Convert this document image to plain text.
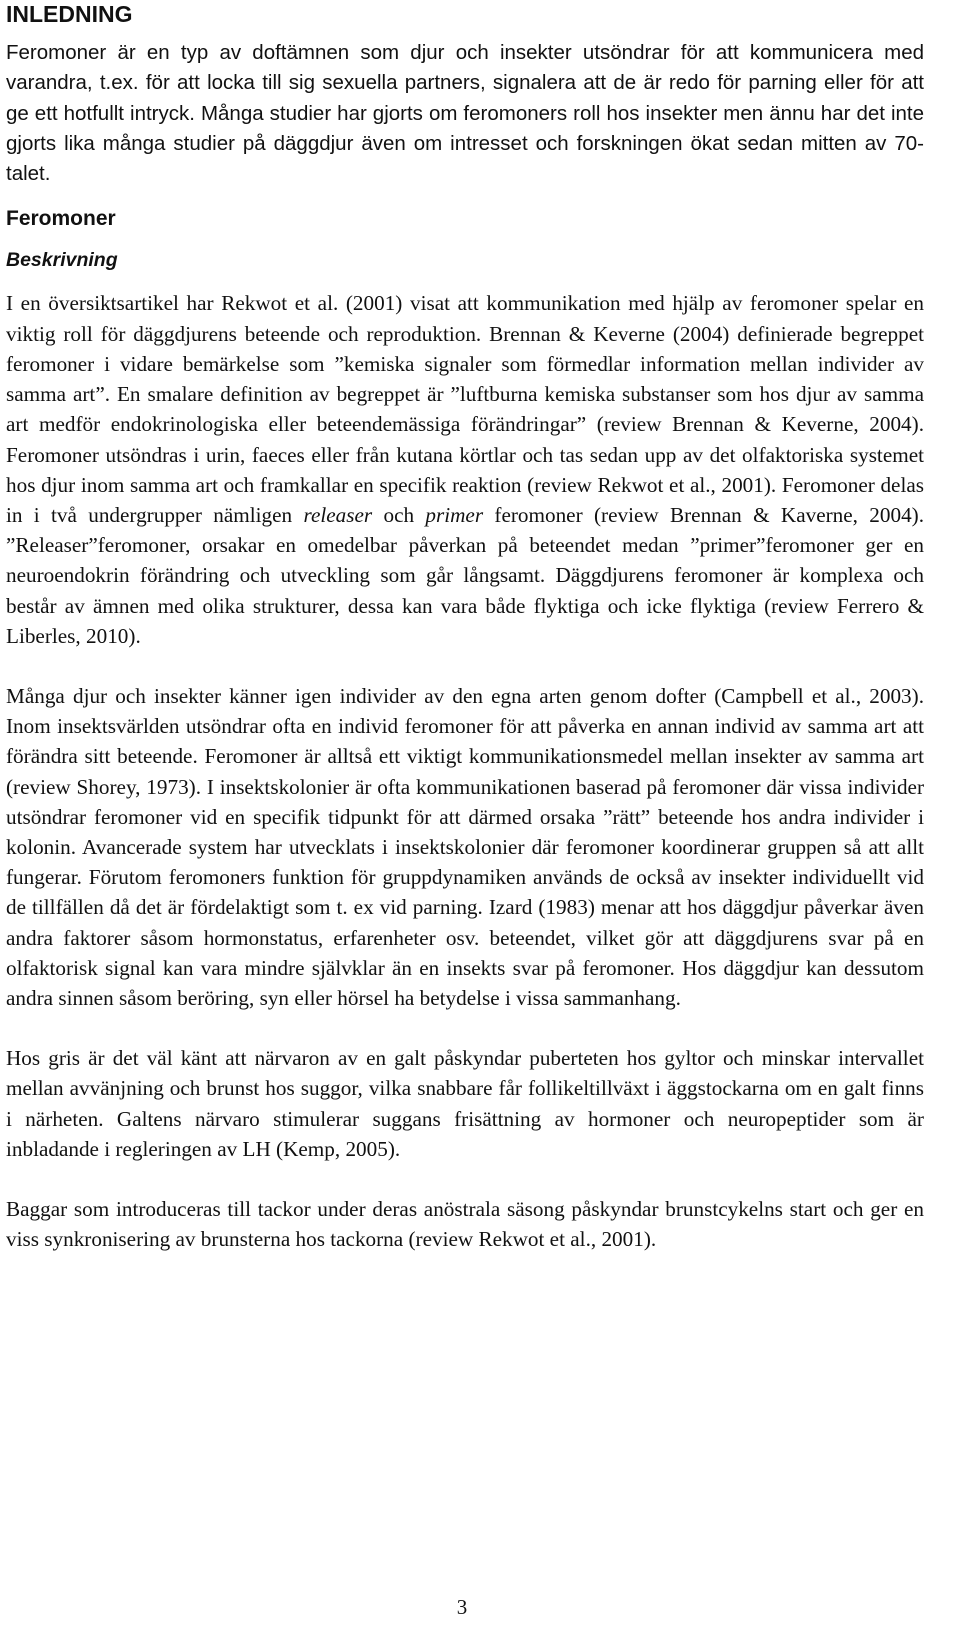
INLEDNING

Feromoner är en typ av doftämnen som djur och insekter utsöndrar för att kommunicera med varandra, t.ex. för att locka till sig sexuella partners, signalera att de är redo för parning eller för att ge ett hotfullt intryck. Många studier har gjorts om feromoners roll hos insekter men ännu har det inte gjorts lika många studier på däggdjur även om intresset och forskningen ökat sedan mitten av 70-talet.

Feromoner
Beskrivning

I en översiktsartikel har Rekwot et al. (2001) visat att kommunikation med hjälp av feromoner spelar en viktig roll för däggdjurens beteende och reproduktion. Brennan & Keverne (2004) definierade begreppet feromoner i vidare bemärkelse som ”kemiska signaler som förmedlar information mellan individer av samma art”. En smalare definition av begreppet är ”luftburna kemiska substanser som hos djur av samma art medför endokrinologiska eller beteendemässiga förändringar” (review Brennan & Keverne, 2004). Feromoner utsöndras i urin, faeces eller från kutana körtlar och tas sedan upp av det olfaktoriska systemet hos djur inom samma art och framkallar en specifik reaktion (review Rekwot et al., 2001). Feromoner delas in i två undergrupper nämligen releaser och primer feromoner (review Brennan & Kaverne, 2004). ”Releaser”feromoner, orsakar en omedelbar påverkan på beteendet medan ”primer”feromoner ger en neuroendokrin förändring och utveckling som går långsamt. Däggdjurens feromoner är komplexa och består av ämnen med olika strukturer, dessa kan vara både flyktiga och icke flyktiga (review Ferrero & Liberles, 2010).

Många djur och insekter känner igen individer av den egna arten genom dofter (Campbell et al., 2003). Inom insektsvärlden utsöndrar ofta en individ feromoner för att påverka en annan individ av samma art att förändra sitt beteende. Feromoner är alltså ett viktigt kommunikationsmedel mellan insekter av samma art (review Shorey, 1973). I insektskolonier är ofta kommunikationen baserad på feromoner där vissa individer utsöndrar feromoner vid en specifik tidpunkt för att därmed orsaka ”rätt” beteende hos andra individer i kolonin. Avancerade system har utvecklats i insektskolonier där feromoner koordinerar gruppen så att allt fungerar. Förutom feromoners funktion för gruppdynamiken används de också av insekter individuellt vid de tillfällen då det är fördelaktigt som t. ex vid parning. Izard (1983) menar att hos däggdjur påverkar även andra faktorer såsom hormonstatus, erfarenheter osv. beteendet, vilket gör att däggdjurens svar på en olfaktorisk signal kan vara mindre självklar än en insekts svar på feromoner. Hos däggdjur kan dessutom andra sinnen såsom beröring, syn eller hörsel ha betydelse i vissa sammanhang.

Hos gris är det väl känt att närvaron av en galt påskyndar puberteten hos gyltor och minskar intervallet mellan avvänjning och brunst hos suggor, vilka snabbare får follikeltillväxt i äggstockarna om en galt finns i närheten. Galtens närvaro stimulerar suggans frisättning av hormoner och neuropeptider som är inbladande i regleringen av LH (Kemp, 2005).

Baggar som introduceras till tackor under deras anöstrala säsong påskyndar brunstcykelns start och ger en viss synkronisering av brunsterna hos tackorna (review Rekwot et al., 2001).

3
